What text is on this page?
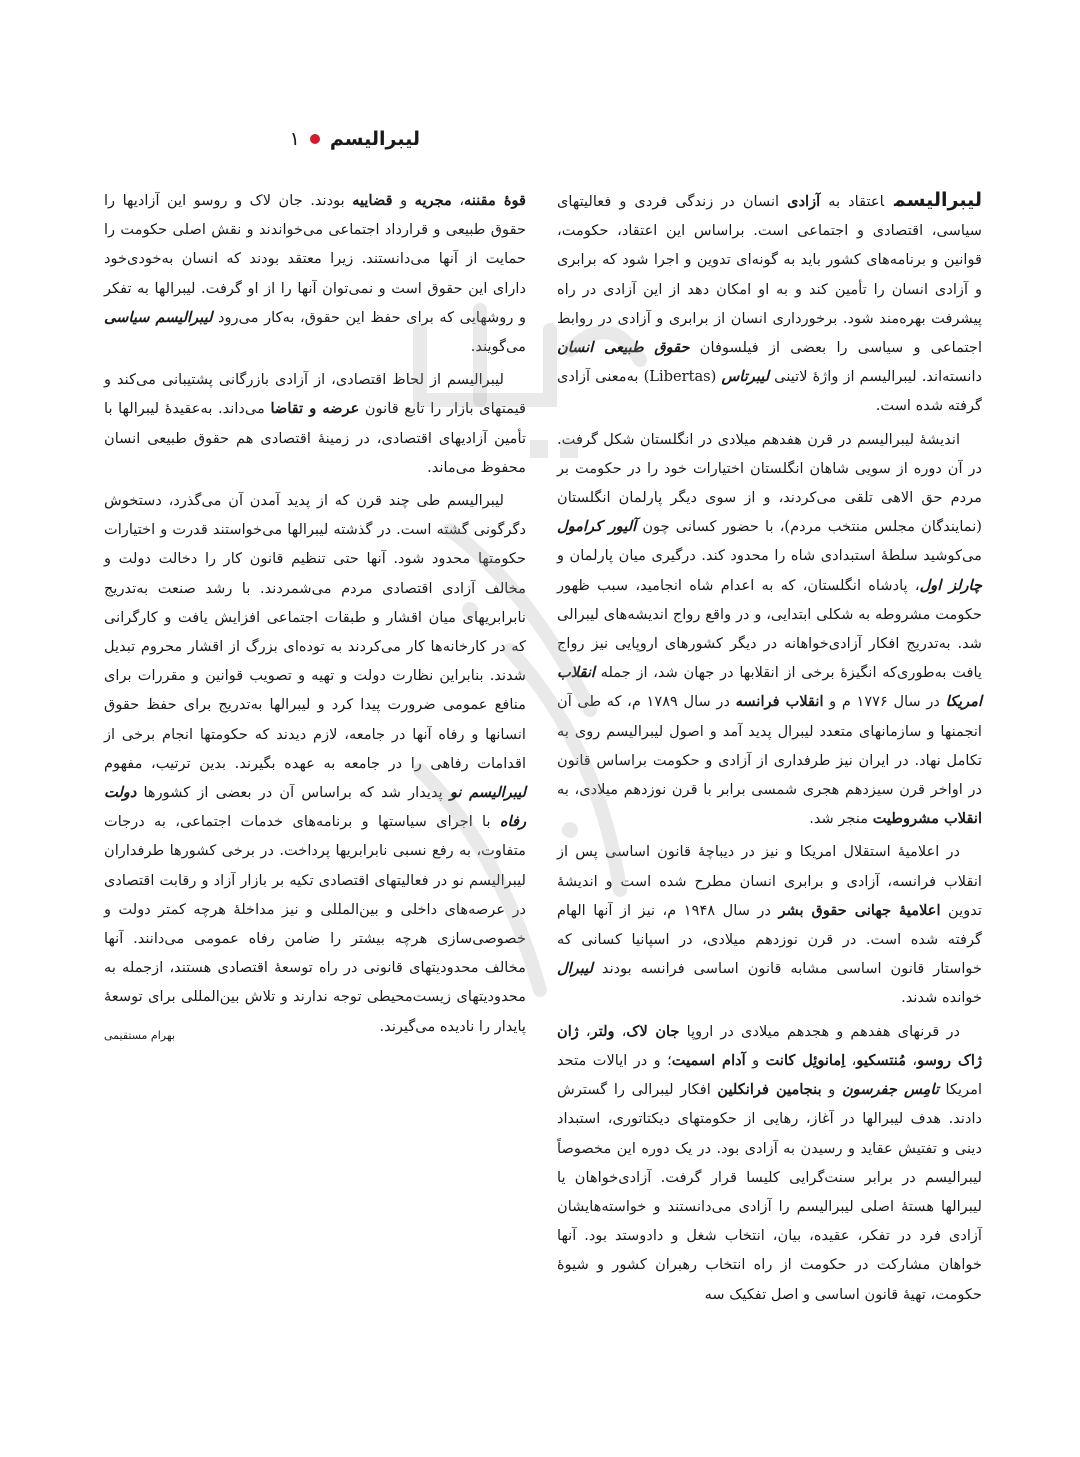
لیبرالیسم
۱

لیبرالیسماعتقاد به آزادی انسان در زندگی فردی و فعالیتهای سیاسی، اقتصادی و اجتماعی است. براساس این اعتقاد، حکومت، قوانین و برنامه‌های کشور باید به گونه‌ای تدوین و اجرا شود که برابری و آزادی انسان را تأمین کند و به او امکان دهد از این آزادی در راه پیشرفت بهره‌مند شود. برخورداری انسان از برابری و آزادی در روابط اجتماعی و سیاسی را بعضی از فیلسوفان حقوق طبیعی انسان دانسته‌اند. لیبرالیسم از واژهٔ لاتینی لیبرتاس (Libertas) به‌معنی آزادی گرفته شده است.

اندیشهٔ لیبرالیسم در قرن هفدهم میلادی در انگلستان شکل گرفت. در آن دوره از سویی شاهان انگلستان اختیارات خود را در حکومت بر مردم حق الاهی تلقی می‌کردند، و از سوی دیگر پارلمان انگلستان (نمایندگان مجلس منتخب مردم)، با حضور کسانی چون آلیور کرامول می‌کوشید سلطهٔ استبدادی شاه را محدود کند. درگیری میان پارلمان و چارلز اول، پادشاه انگلستان، که به اعدام شاه انجامید، سبب ظهور حکومت مشروطه به شکلی ابتدایی، و در واقع رواج اندیشه‌های لیبرالی شد. به‌تدریج افکار آزادی‌خواهانه در دیگر کشورهای اروپایی نیز رواج یافت به‌طوری‌که انگیزهٔ برخی از انقلابها در جهان شد، از جمله انقلاب امریکا در سال ۱۷۷۶ م و انقلاب فرانسه در سال ۱۷۸۹ م، که طی آن انجمنها و سازمانهای متعدد لیبرال پدید آمد و اصول لیبرالیسم روی به تکامل نهاد. در ایران نیز طرفداری از آزادی و حکومت براساس قانون در اواخر قرن سیزدهم هجری شمسی برابر با قرن نوزدهم میلادی، به انقلاب مشروطیت منجر شد.

در اعلامیهٔ استقلال امریکا و نیز در دیباچهٔ قانون اساسی پس از انقلاب فرانسه، آزادی و برابری انسان مطرح شده است و اندیشهٔ تدوین اعلامیهٔ جهانی حقوق بشر در سال ۱۹۴۸ م، نیز از آنها الهام گرفته شده است. در قرن نوزدهم میلادی، در اسپانیا کسانی که خواستار قانون اساسی مشابه قانون اساسی فرانسه بودند لیبرال خوانده شدند.

در قرنهای هفدهم و هجدهم میلادی در اروپا جان لاک، ولتر، ژان ژاک روسو، مُنتسکیو، اِمانوئِل کانت و آدام اسمیت؛ و در ایالات متحد امریکا تامِس جفرسون و بنجامین فرانکلین افکار لیبرالی را گسترش دادند. هدف لیبرالها در آغاز، رهایی از حکومتهای دیکتاتوری، استبداد دینی و تفتیش عقاید و رسیدن به آزادی بود. در یک دوره این مخصوصاً لیبرالیسم در برابر سنت‌گرایی کلیسا قرار گرفت. آزادی‌خواهان یا لیبرالها هستهٔ اصلی لیبرالیسم را آزادی می‌دانستند و خواسته‌هایشان آزادی فرد در تفکر، عقیده، بیان، انتخاب شغل و دادوستد بود. آنها خواهان مشارکت در حکومت از راه انتخاب رهبران کشور و شیوهٔ حکومت، تهیهٔ قانون اساسی و اصل تفکیک سه

قوهٔ مقننه، مجریه و قضاییه بودند. جان لاک و روسو این آزادیها را حقوق طبیعی و قرارداد اجتماعی می‌خواندند و نقش اصلی حکومت را حمایت از آنها می‌دانستند. زیرا معتقد بودند که انسان به‌خودی‌خود دارای این حقوق است و نمی‌توان آنها را از او گرفت. لیبرالها به تفکر و روشهایی که برای حفظ این حقوق، به‌کار می‌رود لیبرالیسم سیاسی می‌گویند.

لیبرالیسم از لحاظ اقتصادی، از آزادی بازرگانی پشتیبانی می‌کند و قیمتهای بازار را تابع قانون عرضه و تقاضا می‌داند. به‌عقیدهٔ لیبرالها با تأمین آزادیهای اقتصادی، در زمینهٔ اقتصادی هم حقوق طبیعی انسان محفوظ می‌ماند.

لیبرالیسم طی چند قرن که از پدید آمدن آن می‌گذرد، دستخوش دگرگونی گشته است. در گذشته لیبرالها می‌خواستند قدرت و اختیارات حکومتها محدود شود. آنها حتی تنظیم قانون کار را دخالت دولت و مخالف آزادی اقتصادی مردم می‌شمردند. با رشد صنعت به‌تدریج نابرابریهای میان اقشار و طبقات اجتماعی افزایش یافت و کارگرانی که در کارخانه‌ها کار می‌کردند به توده‌ای بزرگ از اقشار محروم تبدیل شدند. بنابراین نظارت دولت و تهیه و تصویب قوانین و مقررات برای منافع عمومی ضرورت پیدا کرد و لیبرالها به‌تدریج برای حفظ حقوق انسانها و رفاه آنها در جامعه، لازم دیدند که حکومتها انجام برخی از اقدامات رفاهی را در جامعه به عهده بگیرند. بدین ترتیب، مفهوم لیبرالیسم نو پدیدار شد که براساس آن در بعضی از کشورها دولت رفاه با اجرای سیاستها و برنامه‌های خدمات اجتماعی، به درجات متفاوت، به رفع نسبی نابرابریها پرداخت. در برخی کشورها طرفداران لیبرالیسم نو در فعالیتهای اقتصادی تکیه بر بازار آزاد و رقابت اقتصادی در عرصه‌های داخلی و بین‌المللی و نیز مداخلهٔ هرچه کمتر دولت و خصوصی‌سازی هرچه بیشتر را ضامن رفاه عمومی می‌دانند. آنها مخالف محدودیتهای قانونی در راه توسعهٔ اقتصادی هستند، ازجمله به محدودیتهای زیست‌محیطی توجه ندارند و تلاش بین‌المللی برای توسعهٔ پایدار را نادیده می‌گیرند.

بهرام مستقیمی
